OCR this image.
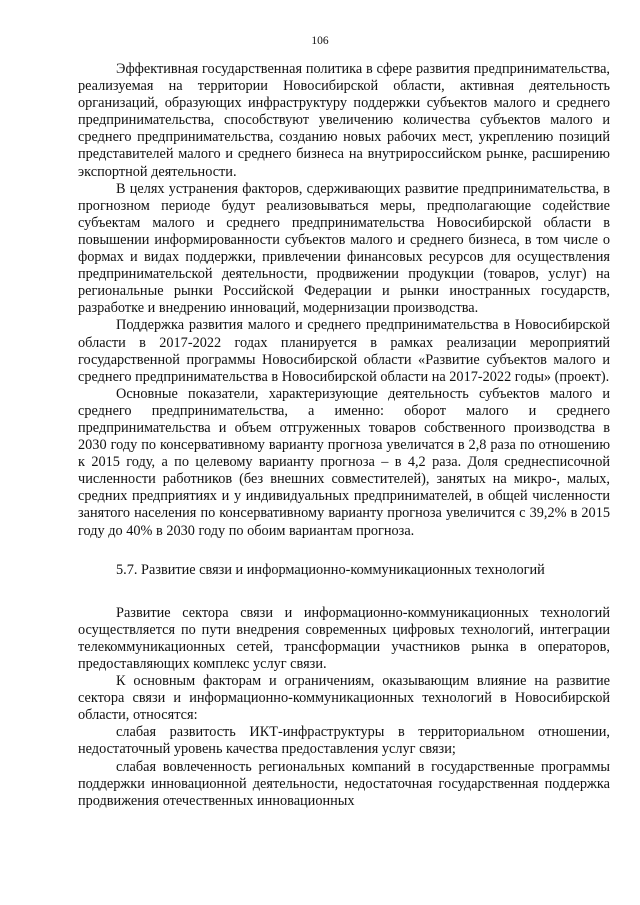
106

Эффективная государственная политика в сфере развития предпринимательства, реализуемая на территории Новосибирской области, активная деятельность организаций, образующих инфраструктуру поддержки субъектов малого и среднего предпринимательства, способствуют увеличению количества субъектов малого и среднего предпринимательства, созданию новых рабочих мест, укреплению позиций представителей малого и среднего бизнеса на внутрироссийском рынке, расширению экспортной деятельности.

В целях устранения факторов, сдерживающих развитие предпринимательства, в прогнозном периоде будут реализовываться меры, предполагающие содействие субъектам малого и среднего предпринимательства Новосибирской области в повышении информированности субъектов малого и среднего бизнеса, в том числе о формах и видах поддержки, привлечении финансовых ресурсов для осуществления предпринимательской деятельности, продвижении продукции (товаров, услуг) на региональные рынки Российской Федерации и рынки иностранных государств, разработке и внедрению инноваций, модернизации производства.

Поддержка развития малого и среднего предпринимательства в Новосибирской области в 2017-2022 годах планируется в рамках реализации мероприятий государственной программы Новосибирской области «Развитие субъектов малого и среднего предпринимательства в Новосибирской области на 2017-2022 годы» (проект).

Основные показатели, характеризующие деятельность субъектов малого и среднего предпринимательства, а именно: оборот малого и среднего предпринимательства и объем отгруженных товаров собственного производства в 2030 году по консервативному варианту прогноза увеличатся в 2,8 раза по отношению к 2015 году, а по целевому варианту прогноза – в 4,2 раза. Доля среднесписочной численности работников (без внешних совместителей), занятых на микро-, малых, средних предприятиях и у индивидуальных предпринимателей, в общей численности занятого населения по консервативному варианту прогноза увеличится с 39,2% в 2015 году до 40% в 2030 году по обоим вариантам прогноза.

5.7. Развитие связи и информационно-коммуникационных технологий

Развитие сектора связи и информационно-коммуникационных технологий осуществляется по пути внедрения современных цифровых технологий, интеграции телекоммуникационных сетей, трансформации участников рынка в операторов, предоставляющих комплекс услуг связи.

К основным факторам и ограничениям, оказывающим влияние на развитие сектора связи и информационно-коммуникационных технологий в Новосибирской области, относятся:

слабая развитость ИКТ-инфраструктуры в территориальном отношении, недостаточный уровень качества предоставления услуг связи;

слабая вовлеченность региональных компаний в государственные программы поддержки инновационной деятельности, недостаточная государственная поддержка продвижения отечественных инновационных
